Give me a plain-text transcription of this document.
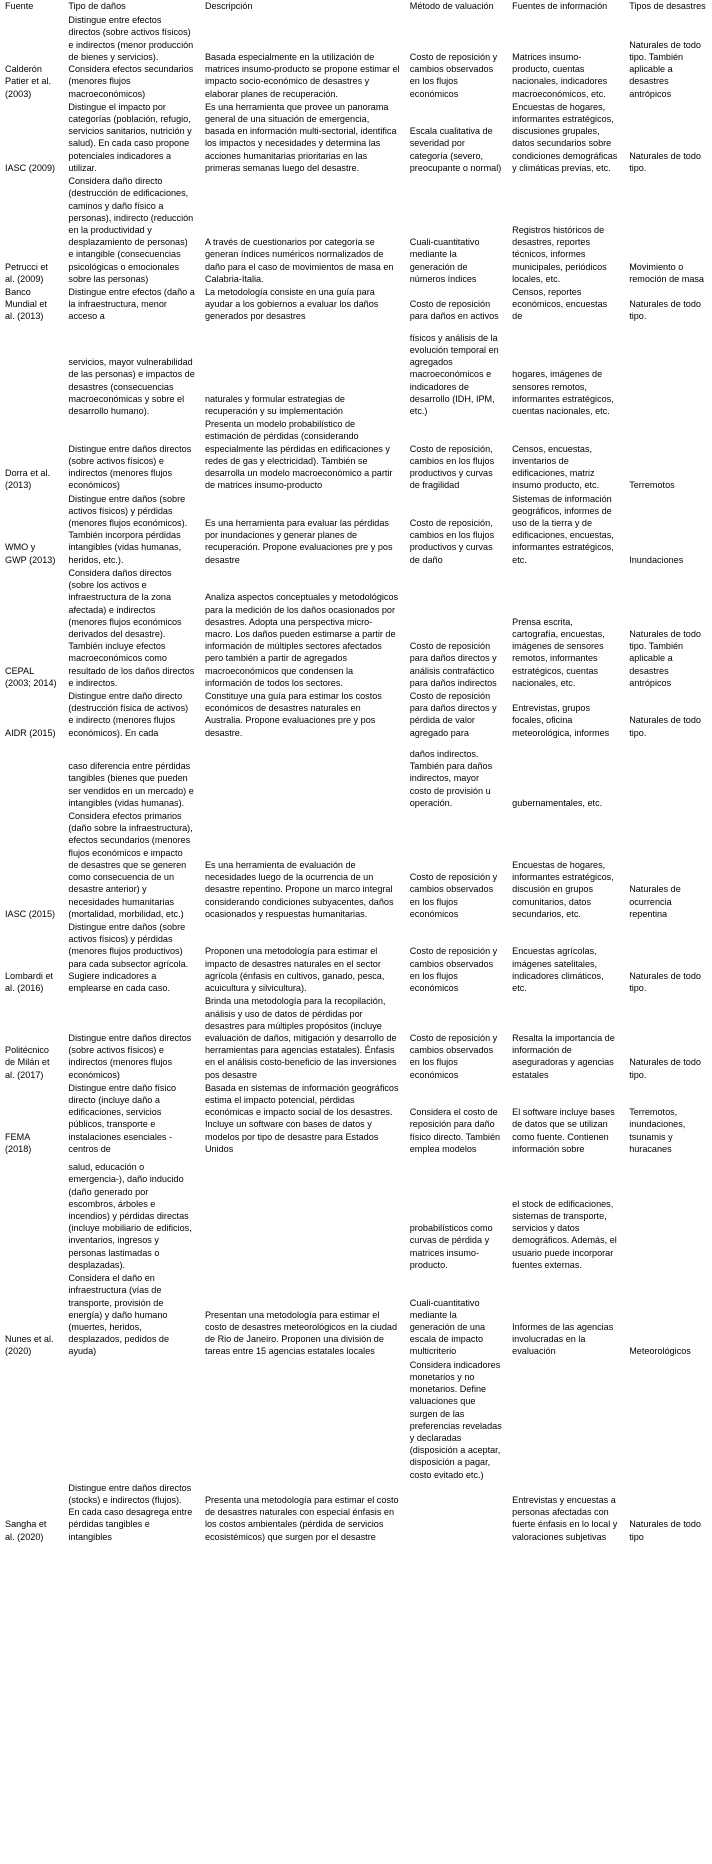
Fuente	Tipo de daños	Descripción	Método de valuación	Fuentes de información	Tipos de desastres
Calderón Patier et al. (2003)	Distingue entre efectos directos (sobre activos físicos) e indirectos (menor producción de bienes y servicios). Considera efectos secundarios (menores flujos macroeconómicos)	Basada especialmente en la utilización de matrices insumo-producto se propone estimar el impacto socio-económico de desastres y elaborar planes de recuperación.	Costo de reposición y cambios observados en los flujos económicos	Matrices insumo-producto, cuentas nacionales, indicadores macroeconómicos, etc.	Naturales de todo tipo. También aplicable a desastres antrópicos
IASC (2009)	Distingue el impacto por categorías (población, refugio, servicios sanitarios, nutrición y salud). En cada caso propone potenciales indicadores a utilizar.	Es una herramienta que provee un panorama general de una situación de emergencia, basada en información multi-sectorial, identifica los impactos y necesidades y determina las acciones humanitarias prioritarias en las primeras semanas luego del desastre.	Escala cualitativa de severidad por categoría (severo, preocupante o normal)	Encuestas de hogares, informantes estratégicos, discusiones grupales, datos secundarios sobre condiciones demográficas y climáticas previas, etc.	Naturales de todo tipo.
Petrucci et al. (2009)	Considera daño directo (destrucción de edificaciones, caminos y daño físico a personas), indirecto (reducción en la productividad y desplazamiento de personas) e intangible (consecuencias psicológicas o emocionales sobre las personas)	A través de cuestionarios por categoría se generan índices numéricos normalizados de daño para el caso de movimientos de masa en Calabria-Italia.	Cuali-cuantitativo mediante la generación de números índices	Registros históricos de desastres, reportes técnicos, informes municipales, periódicos locales, etc.	Movimiento o remoción de masa
Banco Mundial et al. (2013)	Distingue entre efectos (daño a la infraestructura, menor acceso a	La metodología consiste en una guía para ayudar a los gobiernos a evaluar los daños generados por desastres	Costo de reposición para daños en activos	Censos, reportes económicos, encuestas de	Naturales de todo tipo.

	servicios, mayor vulnerabilidad de las personas) e impactos de desastres (consecuencias macroeconómicas y sobre el desarrollo humano).	naturales y formular estrategias de recuperación y su implementación	físicos y análisis de la evolución temporal en agregados macroeconómicos e indicadores de desarrollo (IDH, IPM, etc.)	hogares, imágenes de sensores remotos, informantes estratégicos, cuentas nacionales, etc.	
Dorra et al. (2013)	Distingue entre daños directos (sobre activos físicos) e indirectos (menores flujos económicos)	Presenta un modelo probabilístico de estimación de pérdidas (considerando especialmente las pérdidas en edificaciones y redes de gas y electricidad). También se desarrolla un modelo macroeconómico a partir de matrices insumo-producto	Costo de reposición, cambios en los flujos productivos y curvas de fragilidad	Censos, encuestas, inventarios de edificaciones, matriz insumo producto, etc.	Terremotos
WMO y GWP (2013)	Distingue entre daños (sobre activos físicos) y pérdidas (menores flujos económicos). También incorpora pérdidas intangibles (vidas humanas, heridos, etc.).	Es una herramienta para evaluar las pérdidas por inundaciones y generar planes de recuperación. Propone evaluaciones pre y pos desastre	Costo de reposición, cambios en los flujos productivos y curvas de daño	Sistemas de información geográficos, informes de uso de la tierra y de edificaciones, encuestas, informantes estratégicos, etc.	Inundaciones
CEPAL (2003; 2014)	Considera daños directos (sobre los activos e infraestructura de la zona afectada) e indirectos (menores flujos económicos derivados del desastre). También incluye efectos macroeconómicos como resultado de los daños directos e indirectos.	Analiza aspectos conceptuales y metodológicos para la medición de los daños ocasionados por desastres. Adopta una perspectiva micro-macro. Los daños pueden estimarse a partir de información de múltiples sectores afectados pero también a partir de agregados macroeconómicos que condensen la información de todos los sectores.	Costo de reposición para daños directos y análisis contrafáctico para daños indirectos	Prensa escrita, cartografía, encuestas, imágenes de sensores remotos, informantes estratégicos, cuentas nacionales, etc.	Naturales de todo tipo. También aplicable a desastres antrópicos
AIDR (2015)	Distingue entre daño directo (destrucción física de activos) e indirecto (menores flujos económicos). En cada	Constituye una guía para estimar los costos económicos de desastres naturales en Australia. Propone evaluaciones pre y pos desastre.	Costo de reposición para daños directos y pérdida de valor agregado para	Entrevistas, grupos focales, oficina meteorológica, informes	Naturales de todo tipo.

	caso diferencia entre pérdidas tangibles (bienes que pueden ser vendidos en un mercado) e intangibles (vidas humanas).		daños indirectos. También para daños indirectos, mayor costo de provisión u operación.	gubernamentales, etc.	
IASC (2015)	Considera efectos primarios (daño sobre la infraestructura), efectos secundarios (menores flujos económicos e impacto de desastres que se generen como consecuencia de un desastre anterior) y necesidades humanitarias (mortalidad, morbilidad, etc.)	Es una herramienta de evaluación de necesidades luego de la ocurrencia de un desastre repentino. Propone un marco integral considerando condiciones subyacentes, daños ocasionados y respuestas humanitarias.	Costo de reposición y cambios observados en los flujos económicos	Encuestas de hogares, informantes estratégicos, discusión en grupos comunitarios, datos secundarios, etc.	Naturales de ocurrencia repentina
Lombardi et al. (2016)	Distingue entre daños (sobre activos físicos) y pérdidas (menores flujos productivos) para cada subsector agrícola. Sugiere indicadores a emplearse en cada caso.	Proponen una metodología para estimar el impacto de desastres naturales en el sector agrícola (énfasis en cultivos, ganado, pesca, acuicultura y silvicultura).	Costo de reposición y cambios observados en los flujos económicos	Encuestas agrícolas, imágenes satelitales, indicadores climáticos, etc.	Naturales de todo tipo.
Politécnico de Milán et al. (2017)	Distingue entre daños directos (sobre activos físicos) e indirectos (menores flujos económicos)	Brinda una metodología para la recopilación, análisis y uso de datos de pérdidas por desastres para múltiples propósitos (incluye evaluación de daños, mitigación y desarrollo de herramientas para agencias estatales). Énfasis en el análisis costo-beneficio de las inversiones pos desastre	Costo de reposición y cambios observados en los flujos económicos	Resalta la importancia de información de aseguradoras y agencias estatales	Naturales de todo tipo.
FEMA (2018)	Distingue entre daño físico directo (incluye daño a edificaciones, servicios públicos, transporte e instalaciones esenciales -centros de	Basada en sistemas de información geográficos estima el impacto potencial, pérdidas económicas e impacto social de los desastres. Incluye un software con bases de datos y modelos por tipo de desastre para Estados Unidos	Considera el costo de reposición para daño físico directo. También emplea modelos	El software incluye bases de datos que se utilizan como fuente. Contienen información sobre	Terremotos, inundaciones, tsunamis y huracanes

	salud, educación o emergencia-), daño inducido (daño generado por escombros, árboles e incendios) y pérdidas directas (incluye mobiliario de edificios, inventarios, ingresos y personas lastimadas o desplazadas).		probabilísticos como curvas de pérdida y matrices insumo-producto.	el stock de edificaciones, sistemas de transporte, servicios y datos demográficos. Además, el usuario puede incorporar fuentes externas.	
Nunes et al. (2020)	Considera el daño en infraestructura (vías de transporte, provisión de energía) y daño humano (muertes, heridos, desplazados, pedidos de ayuda)	Presentan una metodología para estimar el costo de desastres meteorológicos en la ciudad de Rio de Janeiro. Proponen una división de tareas entre 15 agencias estatales locales	Cuali-cuantitativo mediante la generación de una escala de impacto multicriterio	Informes de las agencias involucradas en la evaluación	Meteorológicos
			Considera indicadores monetarios y no monetarios. Define valuaciones que surgen de las preferencias reveladas y declaradas (disposición a aceptar, disposición a pagar, costo evitado etc.)		
Sangha et al. (2020)	Distingue entre daños directos (stocks) e indirectos (flujos). En cada caso desagrega entre pérdidas tangibles e intangibles	Presenta una metodología para estimar el costo de desastres naturales con especial énfasis en los costos ambientales (pérdida de servicios ecosistémicos) que surgen por el desastre		Entrevistas y encuestas a personas afectadas con fuerte énfasis en lo local y valoraciones subjetivas	Naturales de todo tipo
